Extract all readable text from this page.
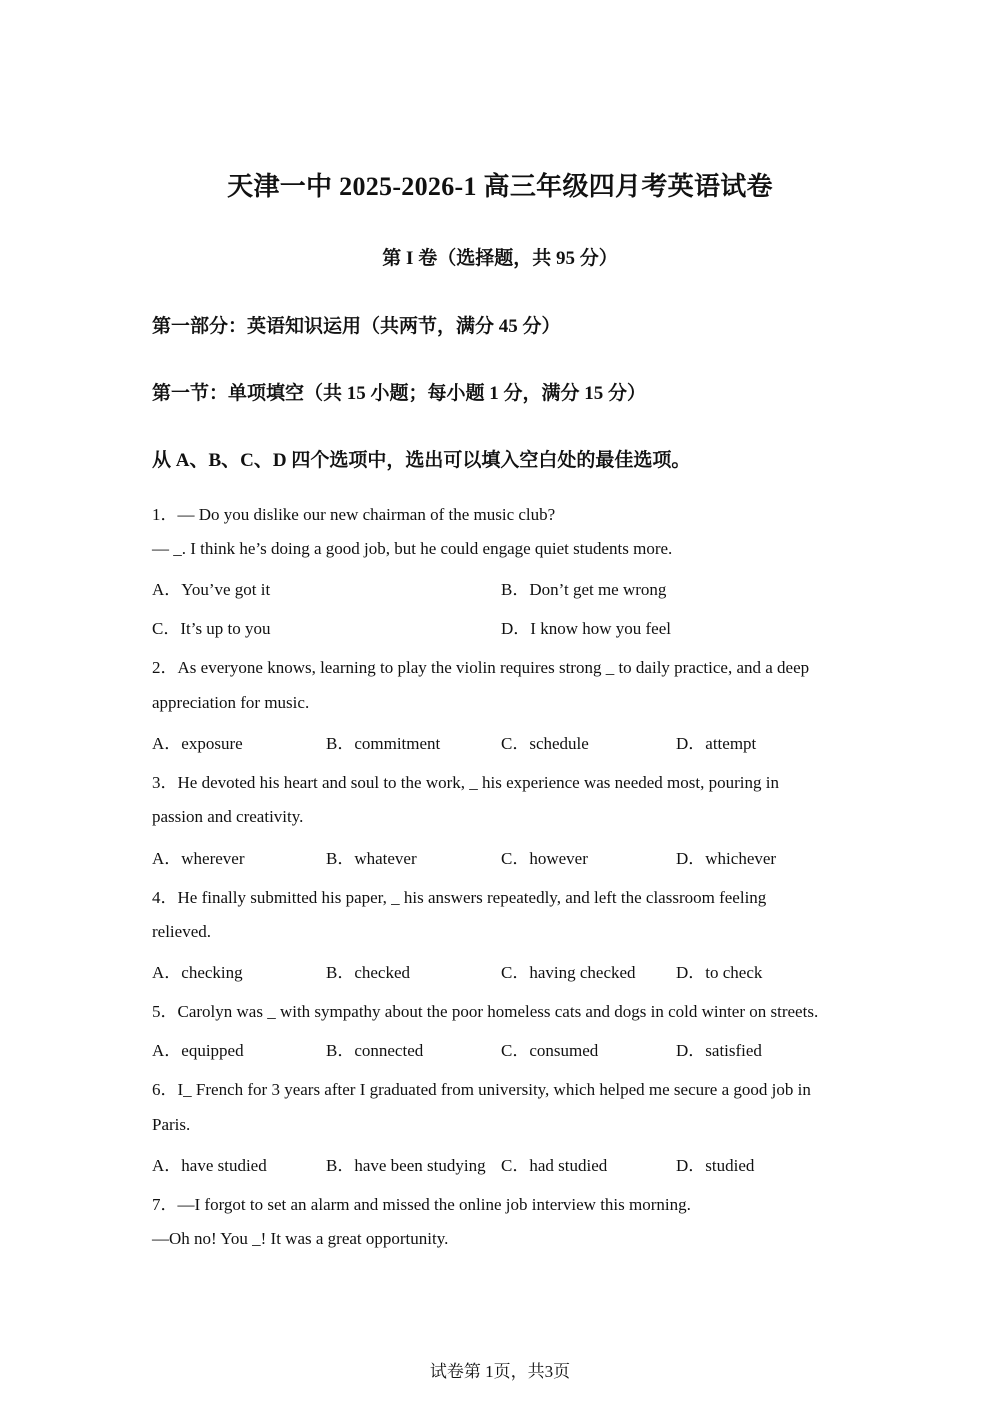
天津一中 2025-2026-1 高三年级四月考英语试卷
第 I 卷（选择题，共 95 分）
第一部分：英语知识运用（共两节，满分 45 分）
第一节：单项填空（共 15 小题；每小题 1 分，满分 15 分）
从 A、B、C、D 四个选项中，选出可以填入空白处的最佳选项。
1．— Do you dislike our new chairman of the music club?
— _. I think he’s doing a good job, but he could engage quiet students more.
A．You’ve got it	B．Don’t get me wrong
C．It’s up to you	D．I know how you feel
2．As everyone knows, learning to play the violin requires strong _ to daily practice, and a deep
appreciation for music.
A．exposure	B．commitment	C．schedule	D．attempt
3．He devoted his heart and soul to the work, _ his experience was needed most, pouring in
passion and creativity.
A．wherever	B．whatever	C．however	D．whichever
4．He finally submitted his paper, _ his answers repeatedly, and left the classroom feeling
relieved.
A．checking	B．checked	C．having checked D．to check
5．Carolyn was _ with sympathy about the poor homeless cats and dogs in cold winter on streets.
A．equipped	B．connected	C．consumed	D．satisfied
6．I_ French for 3 years after I graduated from university, which helped me secure a good job in
Paris.
A．have studied	B．have been studying C．had studied	D．studied
7．—I forgot to set an alarm and missed the online job interview this morning.
—Oh no! You _! It was a great opportunity.
试卷第 1页，共3页
